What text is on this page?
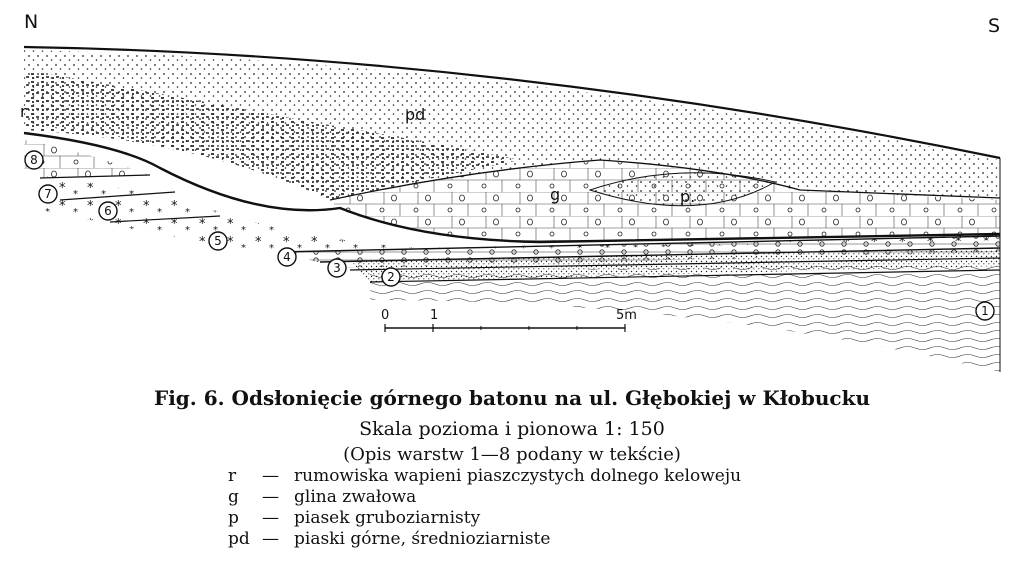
N	S
r	pd
g	p.
8
7
6
5
4
3
2
1
0	1	5m
Fig. 6. Odsłonięcie górnego batonu na ul. Głębokiej w Kłobucku
Skala pozioma i pionowa 1: 150
(Opis warstw 1—8 podany w tekście)
r	— rumowiska wapieni piaszczystych dolnego keloweju
g	— glina zwałowa
p	— piasek gruboziarnisty
pd — piaski górne, średnioziarniste
